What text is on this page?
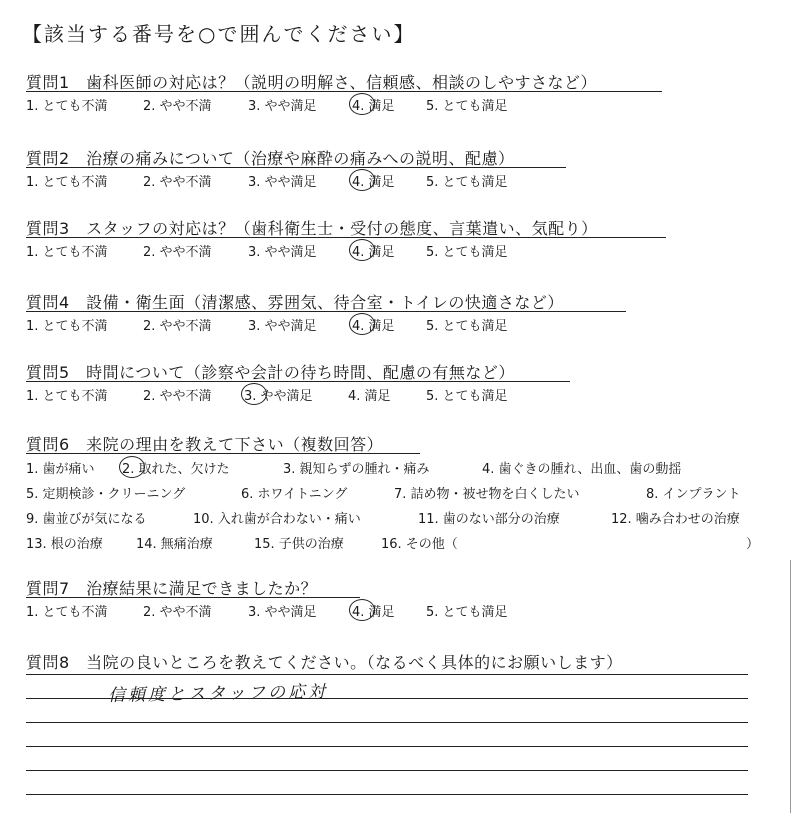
【該当する番号を○で囲んでください】
質問1　歯科医師の対応は？（説明の明解さ、信頼感、相談のしやすさなど）
1. とても不満	2. やや不満	3. やや満足	4. 満足 5. とても満足
質問2　治療の痛みについて（治療や麻酔の痛みへの説明、配慮）
1. とても不満	2. やや不満	3. やや満足	4. 満足 5. とても満足
質問3　スタッフの対応は？（歯科衛生士・受付の態度、言葉遣い、気配り）
1. とても不満	2. やや不満	3. やや満足	4. 満足 5. とても満足
質問4　設備・衛生面（清潔感、雰囲気、待合室・トイレの快適さなど）
1. とても不満	2. やや不満	3. やや満足	4. 満足 5. とても満足
質問5　時間について（診察や会計の待ち時間、配慮の有無など）
1. とても不満	2. やや不満 3. やや満足	4. 満足	5. とても満足
質問6　来院の理由を教えて下さい（複数回答）
1. 歯が痛い 2. 取れた、欠けた	3. 親知らずの腫れ・痛み	4. 歯ぐきの腫れ、出血、歯の動揺
5. 定期検診・クリーニング	6. ホワイトニング	7. 詰め物・被せ物を白くしたい	8. インプラント
9. 歯並びが気になる	10. 入れ歯が合わない・痛い	11. 歯のない部分の治療	12. 噛み合わせの治療
13. 根の治療	14. 無痛治療	15. 子供の治療	16. その他（	）
質問7　治療結果に満足できましたか？
1. とても不満	2. やや不満	3. やや満足	4. 満足 5. とても満足
質問8　当院の良いところを教えてください。（なるべく具体的にお願いします）
信頼度とスタッフの応対
